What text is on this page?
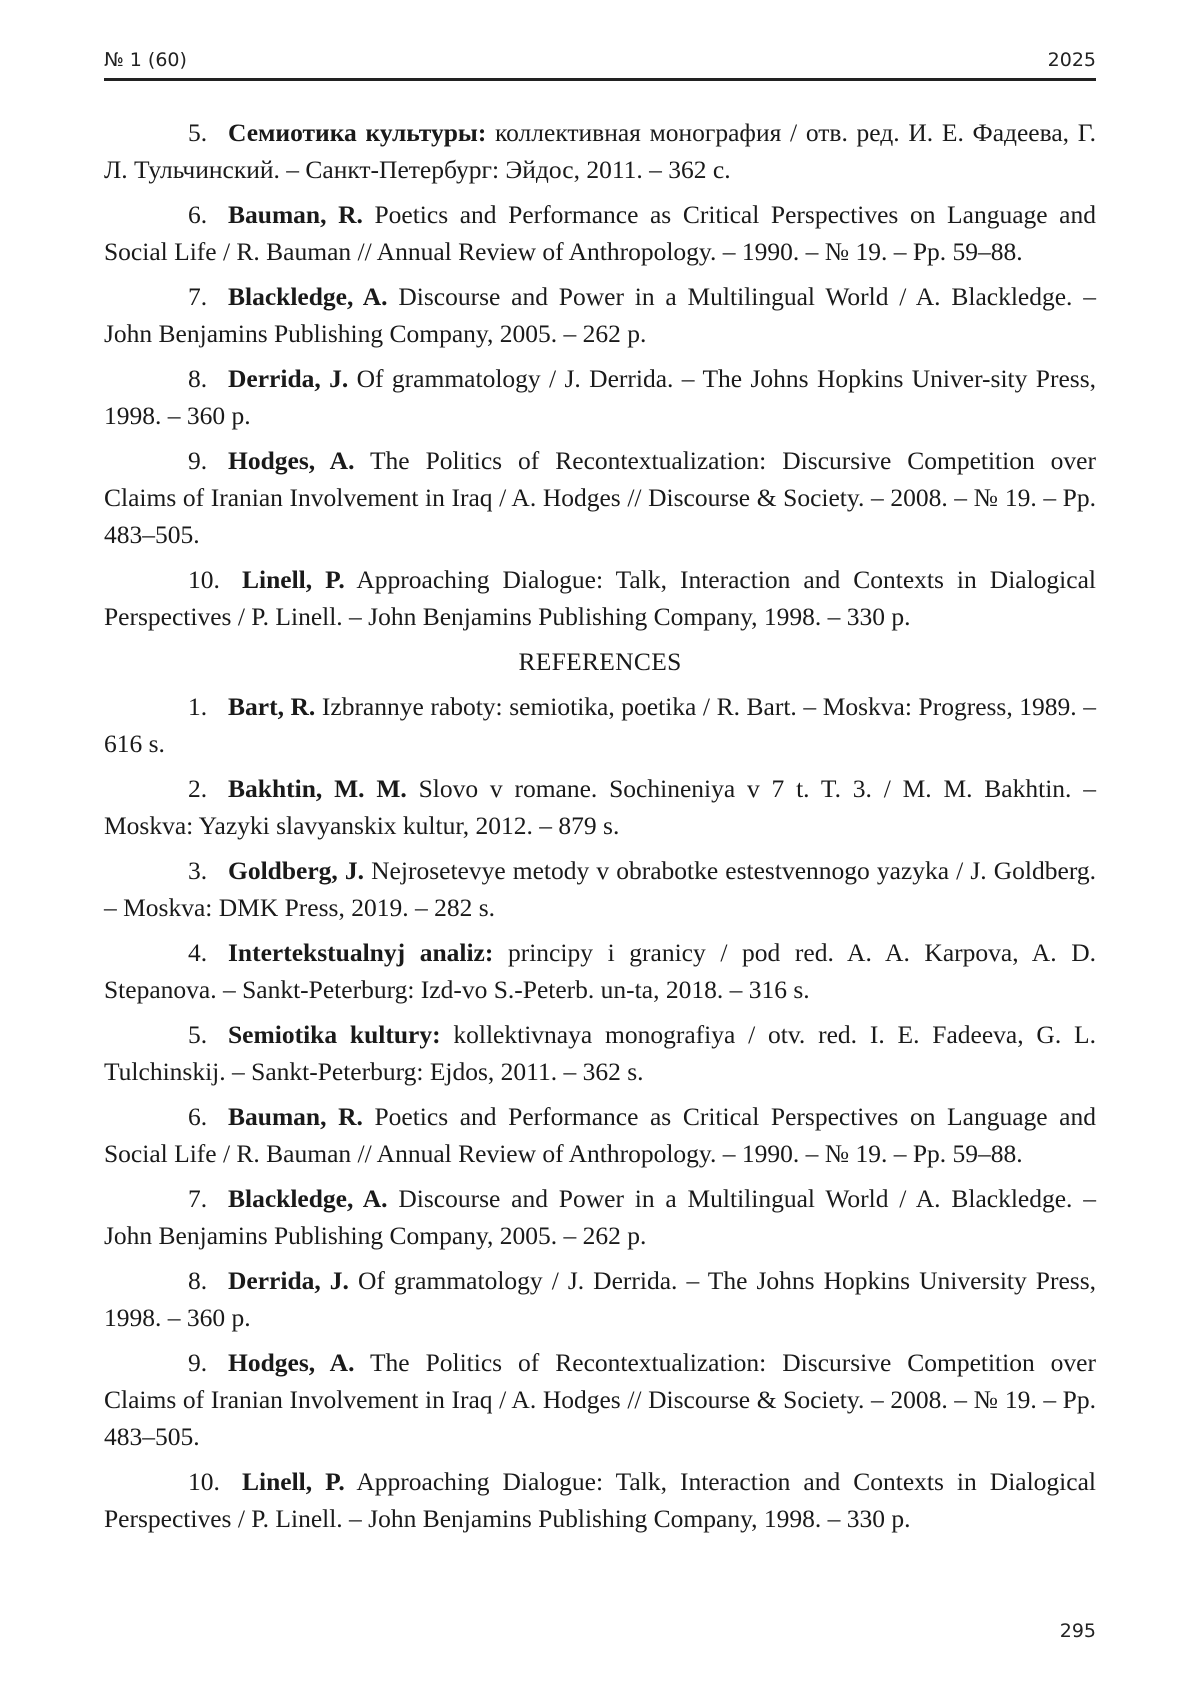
№ 1 (60)	2025

5. Семиотика культуры: коллективная монография / отв. ред. И. Е. Фадеева, Г. Л. Тульчинский. – Санкт-Петербург: Эйдос, 2011. – 362 с.

6. Bauman, R. Poetics and Performance as Critical Perspectives on Language and Social Life / R. Bauman // Annual Review of Anthropology. – 1990. – № 19. – Pp. 59–88.

7. Blackledge, A. Discourse and Power in a Multilingual World / A. Blackledge. – John Benjamins Publishing Company, 2005. – 262 p.

8. Derrida, J. Of grammatology / J. Derrida. – The Johns Hopkins Univer-sity Press, 1998. – 360 p.

9. Hodges, A. The Politics of Recontextualization: Discursive Competition over Claims of Iranian Involvement in Iraq / A. Hodges // Discourse & Society. – 2008. – № 19. – Pp. 483–505.

10. Linell, P. Approaching Dialogue: Talk, Interaction and Contexts in Dialogical Perspectives / P. Linell. – John Benjamins Publishing Company, 1998. – 330 p.

REFERENCES

1. Bart, R. Izbrannye raboty: semiotika, poetika / R. Bart. – Moskva: Progress, 1989. – 616 s.

2. Bakhtin, M. M. Slovo v romane. Sochineniya v 7 t. T. 3. / M. M. Bakhtin. – Moskva: Yazyki slavyanskix kultur, 2012. – 879 s.

3. Goldberg, J. Nejrosetevye metody v obrabotke estestvennogo yazyka / J. Goldberg. – Moskva: DMK Press, 2019. – 282 s.

4. Intertekstualnyj analiz: principy i granicy / pod red. A. A. Karpova, A. D. Stepanova. – Sankt-Peterburg: Izd-vo S.-Peterb. un-ta, 2018. – 316 s.

5. Semiotika kultury: kollektivnaya monografiya / otv. red. I. E. Fadeeva, G. L. Tulchinskij. – Sankt-Peterburg: Ejdos, 2011. – 362 s.

6. Bauman, R. Poetics and Performance as Critical Perspectives on Language and Social Life / R. Bauman // Annual Review of Anthropology. – 1990. – № 19. – Pp. 59–88.

7. Blackledge, A. Discourse and Power in a Multilingual World / A. Blackledge. – John Benjamins Publishing Company, 2005. – 262 p.

8. Derrida, J. Of grammatology / J. Derrida. – The Johns Hopkins University Press, 1998. – 360 p.

9. Hodges, A. The Politics of Recontextualization: Discursive Competition over Claims of Iranian Involvement in Iraq / A. Hodges // Discourse & Society. – 2008. – № 19. – Pp. 483–505.

10. Linell, P. Approaching Dialogue: Talk, Interaction and Contexts in Dialogical Perspectives / P. Linell. – John Benjamins Publishing Company, 1998. – 330 p.

295
